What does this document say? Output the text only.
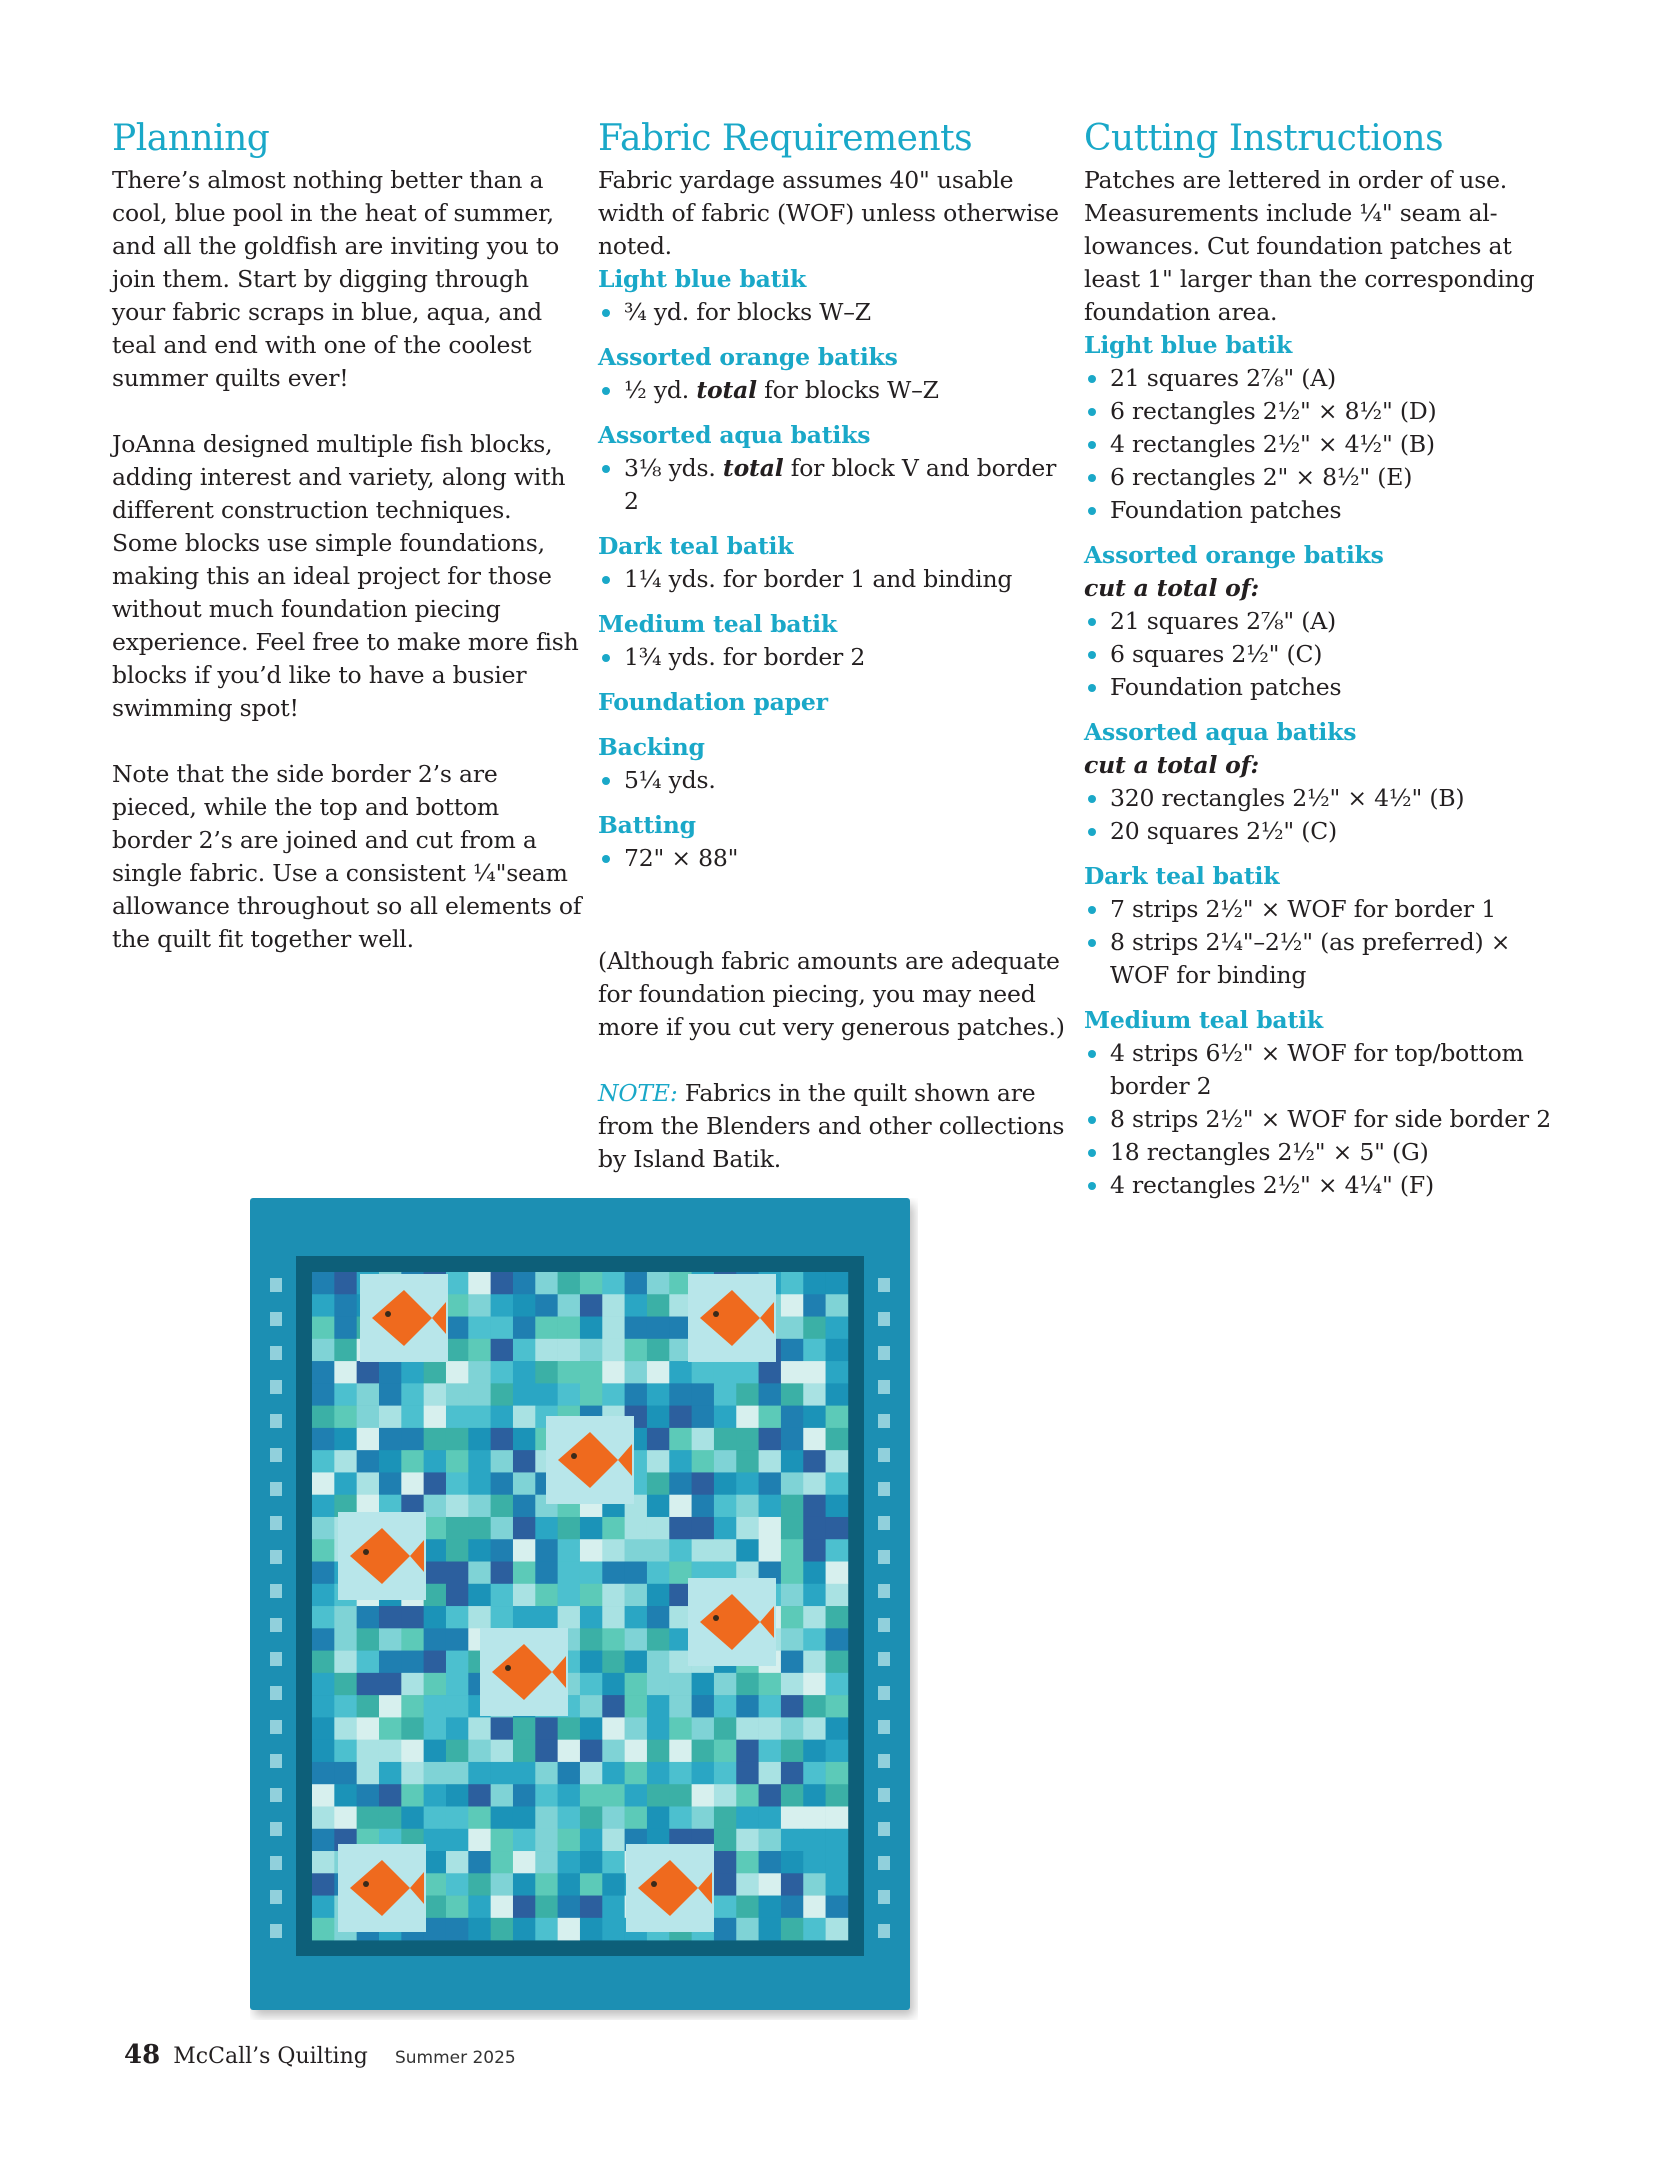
Planning

There’s almost nothing better than a cool, blue pool in the heat of summer, and all the goldfish are inviting you to join them. Start by digging through your fabric scraps in blue, aqua, and teal and end with one of the coolest summer quilts ever!

JoAnna designed multiple fish blocks, adding interest and variety, along with different construction techniques. Some blocks use simple foundations, making this an ideal project for those without much foundation piecing experience. Feel free to make more fish blocks if you’d like to have a busier swimming spot!

Note that the side border 2’s are pieced, while the top and bottom border 2’s are joined and cut from a single fabric. Use a consistent ¼"seam allowance throughout so all elements of the quilt fit together well.

Fabric Requirements

Fabric yardage assumes 40" usable width of fabric (WOF) unless otherwise noted.

Light blue batik
¾ yd. for blocks W–Z
Assorted orange batiks
½ yd. total for blocks W–Z
Assorted aqua batiks
3⅛ yds. total for block V and border 2
Dark teal batik
1¼ yds. for border 1 and binding
Medium teal batik
1¾ yds. for border 2
Foundation paper
Backing
5¼ yds.
Batting
72" × 88"

(Although fabric amounts are adequate for foundation piecing, you may need more if you cut very generous patches.)

NOTE: Fabrics in the quilt shown are from the Blenders and other collections by Island Batik.

Cutting Instructions

Patches are lettered in order of use. Measurements include ¼" seam allowances. Cut foundation patches at least 1" larger than the corresponding foundation area.

Light blue batik
21 squares 2⅞" (A)
6 rectangles 2½" × 8½" (D)
4 rectangles 2½" × 4½" (B)
6 rectangles 2" × 8½" (E)
Foundation patches
Assorted orange batiks
cut a total of:
21 squares 2⅞" (A)
6 squares 2½" (C)
Foundation patches
Assorted aqua batiks
cut a total of:
320 rectangles 2½" × 4½" (B)
20 squares 2½" (C)
Dark teal batik
7 strips 2½" × WOF for border 1
8 strips 2¼"–2½" (as preferred) × WOF for binding
Medium teal batik
4 strips 6½" × WOF for top/bottom border 2
8 strips 2½" × WOF for side border 2
18 rectangles 2½" × 5" (G)
4 rectangles 2½" × 4¼" (F)
48 McCall’s Quilting Summer 2025
